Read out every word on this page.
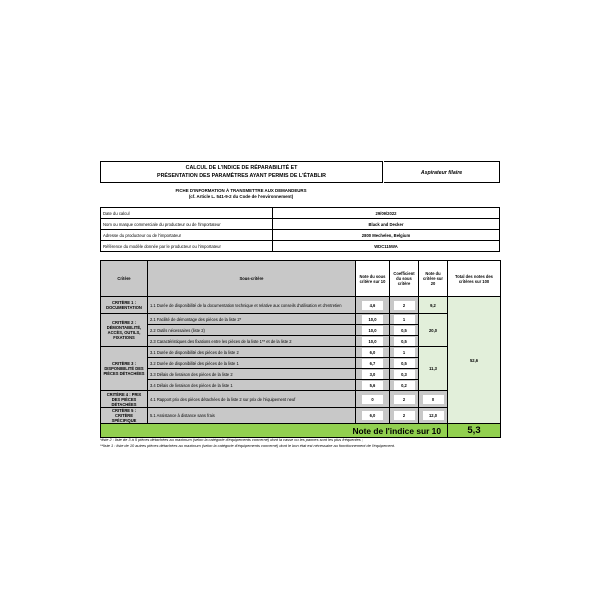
CALCUL DE L'INDICE DE RÉPARABILITÉ ET
PRÉSENTATION DES PARAMÈTRES AYANT PERMIS DE L'ÉTABLIR	Aspirateur filaire
FICHE D'INFORMATION À TRANSMETTRE AUX DEMANDEURS
(cf. Article L. 541-9-2 du Code de l'environnement)
Date du calcul	29/09/2022
Nom ou marque commerciale du producteur ou de l'importateur	Black and Decker
Adresse du producteur ou de l'importateur	2800 Mechelen, Belgium
Référence du modèle donnée par le producteur ou l'importateur	WDC115WA
Critère	Sous-critère	Note du sous critère sur 10	Coefficient du sous critère	Note du critère sur 20	Total des notes des critères sur 100
CRITÈRE 1 : DOCUMENTATION	1.1 Durée de disponibilité de la documentation technique et relative aux conseils d'utilisation et d'entretien	4,6	2	9,2	52,6
CRITÈRE 2 : DÉMONTABILITÉ, ACCÈS, OUTILS, FIXATIONS	2.1 Facilité de démontage des pièces de la liste 2*	10,0	1	20,0	
	2.2 Outils nécessaires (liste 2)	10,0	0,5		
	2.3 Caractéristiques des fixations entre les pièces de la liste 1** et de la liste 2	10,0	0,5		
CRITÈRE 3 : DISPONIBILITÉ DES PIÈCES DÉTACHÉES	3.1 Durée de disponibilité des pièces de la liste 2	6,0	1	11,3	
	3.2 Durée de disponibilité des pièces de la liste 1	6,7	0,5		
	3.3 Délais de livraison des pièces de la liste 2	3,0	0,3		
	3.4 Délais de livraison des pièces de la liste 1	5,6	0,2		
CRITÈRE 4 : PRIX DES PIÈCES DÉTACHÉES	4.1 Rapport prix des pièces détachées de la liste 2 sur prix de l'équipement neuf	0	2	0	
CRITÈRE 5 : CRITÈRE SPÉCIFIQUE	5.1 Assistance à distance sans frais	6,0	2	12,0	
Note de l'indice sur 10					5,3
*liste 2 : liste de 3 à 5 pièces détachées au maximum (selon la catégorie d'équipements concerné) dont la casse ou les pannes sont les plus fréquentes ;
**liste 1 : liste de 10 autres pièces détachées au maximum (selon la catégorie d'équipements concerné) dont le bon état est nécessaire au fonctionnement de l'équipement.
